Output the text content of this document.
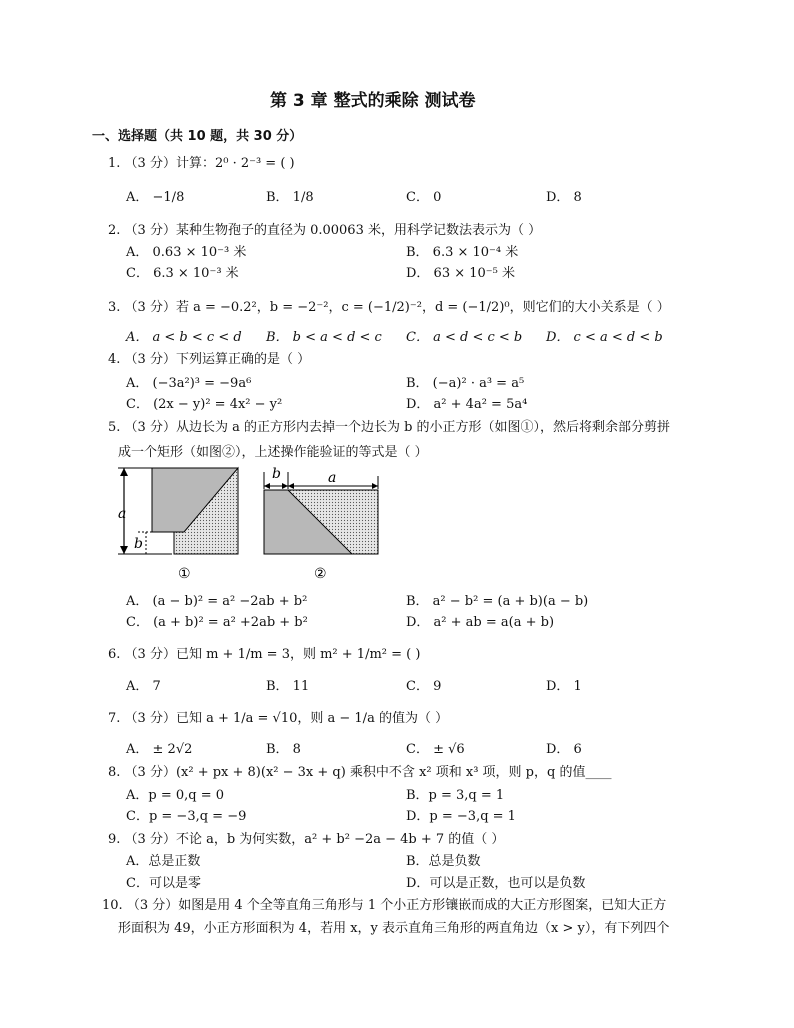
第 3 章 整式的乘除 测试卷
一、选择题（共 10 题，共 30 分）
1. （3 分）计算：2⁰ · 2⁻³ = ( )
A． −1/8	B． 1/8	C． 0	D． 8
2. （3 分）某种生物孢子的直径为 0.00063 米，用科学记数法表示为（ ）
A． 0.63 × 10⁻³ 米	B． 6.3 × 10⁻⁴ 米
C． 6.3 × 10⁻³ 米	D． 63 × 10⁻⁵ 米
3. （3 分）若 a = −0.2²，b = −2⁻²，c = (−1/2)⁻²，d = (−1/2)⁰，则它们的大小关系是（ ）
A． a < b < c < d B． b < a < d < c C． a < d < c < b D． c < a < d < b
4. （3 分）下列运算正确的是（ ）
A． (−3a²)³ = −9a⁶	B． (−a)² · a³ = a⁵
C． (2x − y)² = 4x² − y²	D． a² + 4a² = 5a⁴
5. （3 分）从边长为 a 的正方形内去掉一个边长为 b 的小正方形（如图①），然后将剩余部分剪拼
成一个矩形（如图②），上述操作能验证的等式是（ ）
a
b
①
b	a
②
A． (a − b)² = a² −2ab + b²	B． a² − b² = (a + b)(a − b)
C． (a + b)² = a² +2ab + b²	D． a² + ab = a(a + b)
6. （3 分）已知 m + 1/m = 3，则 m² + 1/m² = ( )
A． 7	B． 11	C． 9	D． 1
7. （3 分）已知 a + 1/a = √10，则 a − 1/a 的值为（ ）
A． ± 2√2	B． 8	C． ± √6	D． 6
8. （3 分）(x² + px + 8)(x² − 3x + q) 乘积中不含 x² 项和 x³ 项，则 p，q 的值____
A．p = 0,q = 0	B．p = 3,q = 1
C．p = −3,q = −9	D．p = −3,q = 1
9. （3 分）不论 a，b 为何实数，a² + b² −2a − 4b + 7 的值（ ）
A．总是正数	B．总是负数
C．可以是零	D．可以是正数，也可以是负数
10. （3 分）如图是用 4 个全等直角三角形与 1 个小正方形镶嵌而成的大正方形图案，已知大正方
形面积为 49，小正方形面积为 4，若用 x，y 表示直角三角形的两直角边（x > y），有下列四个
